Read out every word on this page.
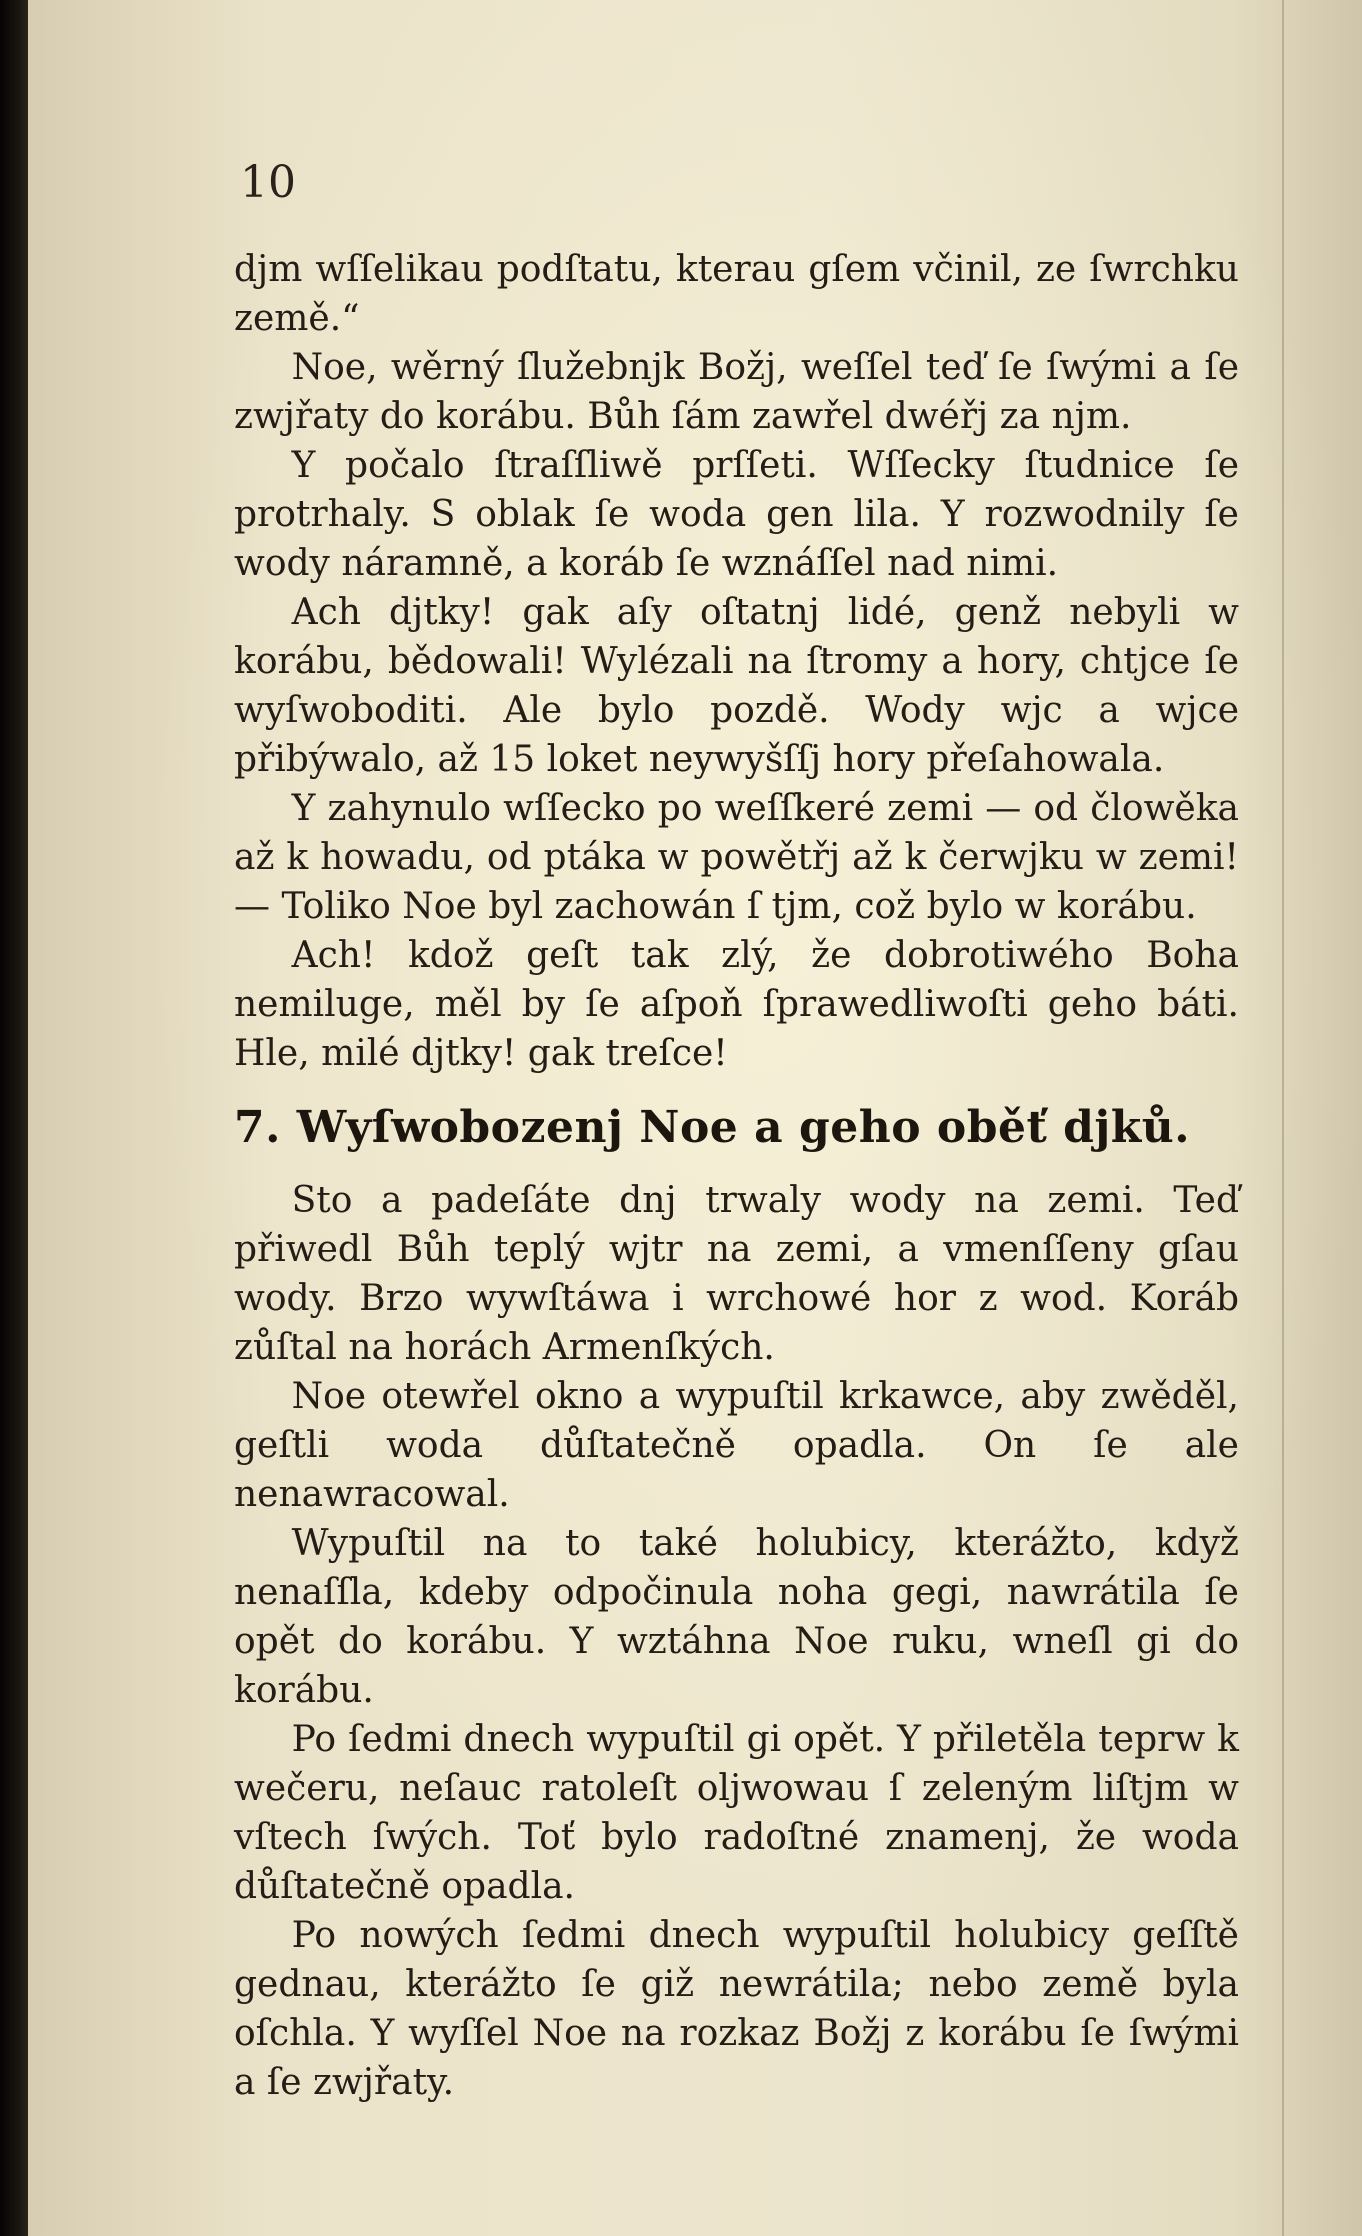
10

djm wſſelikau podſtatu, kterau gſem včinil, ze ſwrchku země.“

Noe, wěrný ſlužebnjk Božj, weſſel teď ſe ſwými a ſe zwjřaty do korábu. Bůh ſám zawřel dwéřj za njm.

Y počalo ſtraſſliwě prſſeti. Wſſecky ſtudnice ſe protrhaly. S oblak ſe woda gen lila. Y rozwodnily ſe wody náramně, a koráb ſe wznáſſel nad nimi.

Ach djtky! gak aſy oſtatnj lidé, genž nebyli w korábu, bědowali! Wylézali na ſtromy a hory, chtjce ſe wyſwoboditi. Ale bylo pozdě. Wody wjc a wjce přibýwalo, až 15 loket neywyšſſj hory přeſahowala.

Y zahynulo wſſecko po weſſkeré zemi — od člowěka až k howadu, od ptáka w powětřj až k čerwjku w zemi! — Toliko Noe byl zachowán ſ tjm, což bylo w korábu.

Ach! kdož geſt tak zlý, že dobrotiwého Boha nemiluge, měl by ſe aſpoň ſprawedliwoſti geho báti. Hle, milé djtky! gak treſce!

7. Wyſwobozenj Noe a geho oběť djků.

Sto a padeſáte dnj trwaly wody na zemi. Teď přiwedl Bůh teplý wjtr na zemi, a vmenſſeny gſau wody. Brzo wywſtáwa i wrchowé hor z wod. Koráb zůſtal na horách Armenſkých.

Noe otewřel okno a wypuſtil krkawce, aby zwěděl, geſtli woda důſtatečně opadla. On ſe ale nenawracowal.

Wypuſtil na to také holubicy, kterážto, když nenaſſla, kdeby odpočinula noha gegi, nawrátila ſe opět do korábu. Y wztáhna Noe ruku, wneſl gi do korábu.

Po ſedmi dnech wypuſtil gi opět. Y přiletěla teprw k wečeru, neſauc ratoleſt oljwowau ſ zeleným liſtjm w vſtech ſwých. Toť bylo radoſtné znamenj, že woda důſtatečně opadla.

Po nowých ſedmi dnech wypuſtil holubicy geſſtě gednau, kterážto ſe giž newrátila; nebo země byla oſchla. Y wyſſel Noe na rozkaz Božj z korábu ſe ſwými a ſe zwjřaty.
